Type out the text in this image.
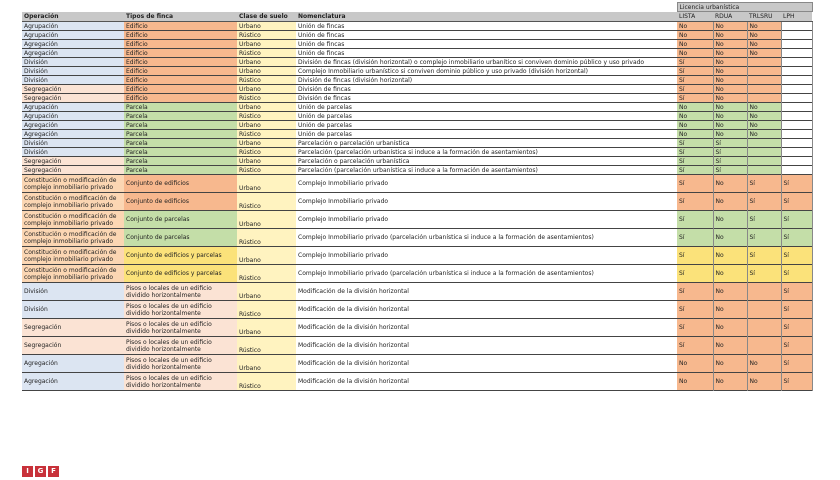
				Licencia urbanística			
Operación	Tipos de finca	Clase de suelo	Nomenclatura	LISTA	RDUA	TRLSRU	LPH
Agrupación	Edificio	Urbano	Unión de fincas	No	No	No	
Agrupación	Edificio	Rústico	Unión de fincas	No	No	No	
Agregación	Edificio	Urbano	Unión de fincas	No	No	No	
Agregación	Edificio	Rústico	Unión de fincas	No	No	No	
División	Edificio	Urbano	División de fincas (división horizontal) o complejo inmobiliario urbanítico si conviven dominio público y uso privado	Sí	No		
División	Edificio	Urbano	Complejo Inmobiliario urbanístico si conviven dominio público y uso privado (división horizontal)	Sí	No		
División	Edificio	Rústico	División de fincas (división horizontal)	Sí	No		
Segregación	Edificio	Urbano	División de fincas	Sí	No		
Segregación	Edificio	Rústico	División de fincas	Sí	No		
Agrupación	Parcela	Urbano	Unión de parcelas	No	No	No	
Agrupación	Parcela	Rústico	Unión de parcelas	No	No	No	
Agregación	Parcela	Urbano	Unión de parcelas	No	No	No	
Agregación	Parcela	Rústico	Unión de parcelas	No	No	No	
División	Parcela	Urbano	Parcelación o parcelación urbanística	Sí	Sí		
División	Parcela	Rústico	Parcelación (parcelación urbanística si induce a la formación de asentamientos)	Sí	Sí		
Segregación	Parcela	Urbano	Parcelación o parcelación urbanística	Sí	Sí		
Segregación	Parcela	Rústico	Parcelación (parcelación urbanística si induce a la formación de asentamientos)	Sí	Sí		
Constitución o modificación de complejo inmobiliario privado	Conjunto de edificios	Urbano	Complejo Inmobiliario privado	Sí	No	Sí	Sí
Constitución o modificación de complejo inmobiliario privado	Conjunto de edificios	Rústico	Complejo Inmobiliario privado	Sí	No	Sí	Sí
Constitución o modificación de complejo inmobiliario privado	Conjunto de parcelas	Urbano	Complejo Inmobiliario privado	Sí	No	Sí	Sí
Constitución o modificación de complejo inmobiliario privado	Conjunto de parcelas	Rústico	Complejo Inmobiliario privado (parcelación urbanística si induce a la formación de asentamientos)	Sí	No	Sí	Sí
Constitución o modificación de complejo inmobiliario privado	Conjunto de edificios y parcelas	Urbano	Complejo Inmobiliario privado	Sí	No	Sí	Sí
Constitución o modificación de complejo inmobiliario privado	Conjunto de edificios y parcelas	Rústico	Complejo Inmobiliario privado (parcelación urbanística si induce a la formación de asentamientos)	Sí	No	Sí	Sí
División	Pisos o locales de un edificio dividido horizontalmente	Urbano	Modificación de la división horizontal	Sí	No		Sí
División	Pisos o locales de un edificio dividido horizontalmente	Rústico	Modificación de la división horizontal	Sí	No		Sí
Segregación	Pisos o locales de un edificio dividido horizontalmente	Urbano	Modificación de la división horizontal	Sí	No		Sí
Segregación	Pisos o locales de un edificio dividido horizontalmente	Rústico	Modificación de la división horizontal	Sí	No		Sí
Agregación	Pisos o locales de un edificio dividido horizontalmente	Urbano	Modificación de la división horizontal	No	No	No	Sí
Agregación	Pisos o locales de un edificio dividido horizontalmente	Rústico	Modificación de la división horizontal	No	No	No	Sí
I	G	F
